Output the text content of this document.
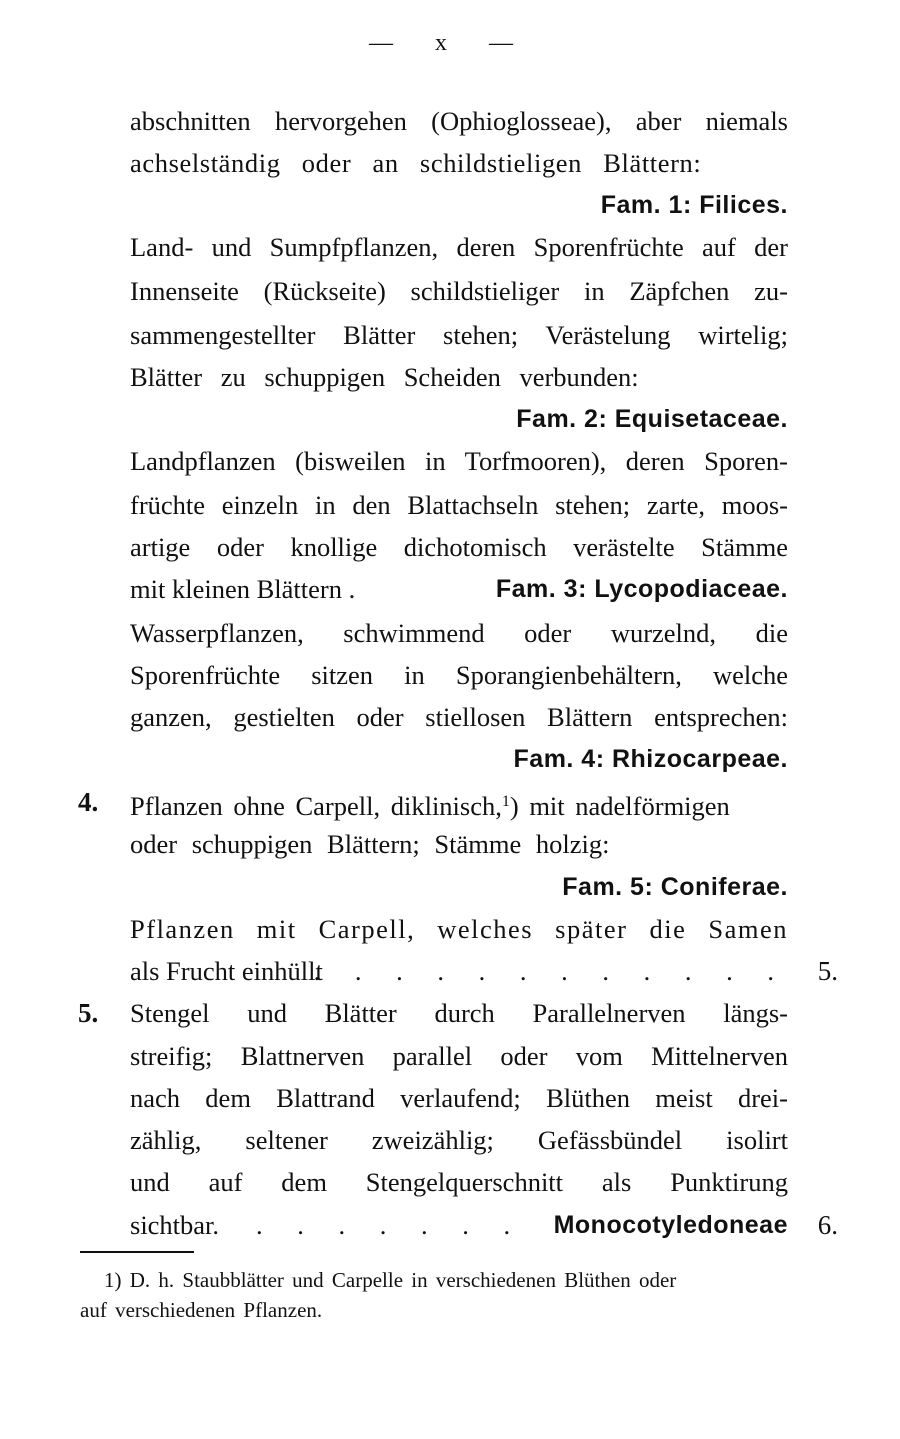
— x —
abschnitten hervorgehen (Ophioglosseae), aber niemals
achselständig oder an schildstieligen Blättern:
Fam. 1: Filices.
Land- und Sumpfpflanzen, deren Sporenfrüchte auf der
Innenseite (Rückseite) schildstieliger in Zäpfchen zu-
sammengestellter Blätter stehen; Verästelung wirtelig;
Blätter zu schuppigen Scheiden verbunden:
Fam. 2: Equisetaceae.
Landpflanzen (bisweilen in Torfmooren), deren Sporen-
früchte einzeln in den Blattachseln stehen; zarte, moos-
artige oder knollige dichotomisch verästelte Stämme
mit kleinen Blättern .	Fam. 3: Lycopodiaceae.
Wasserpflanzen, schwimmend oder wurzelnd, die
Sporenfrüchte sitzen in Sporangienbehältern, welche
ganzen, gestielten oder stiellosen Blättern entsprechen:
Fam. 4: Rhizocarpeae.
4. Pflanzen ohne Carpell, diklinisch,$^1$) mit nadelförmigen
oder schuppigen Blättern; Stämme holzig:
Fam. 5: Coniferae.
Pflanzen mit Carpell, welches später die Samen
als Frucht einhüllt
. . . . . . . . . . . . 5.
5. Stengel und Blätter durch Parallelnerven längs-
streifig; Blattnerven parallel oder vom Mittelnerven
nach dem Blattrand verlaufend; Blüthen meist drei-
zählig, seltener zweizählig; Gefässbündel isolirt
und auf dem Stengelquerschnitt als Punktirung
sichtbar. . . . . . . . Monocotyledoneae 6.
1) D. h. Staubblätter und Carpelle in verschiedenen Blüthen oder
auf verschiedenen Pflanzen.
